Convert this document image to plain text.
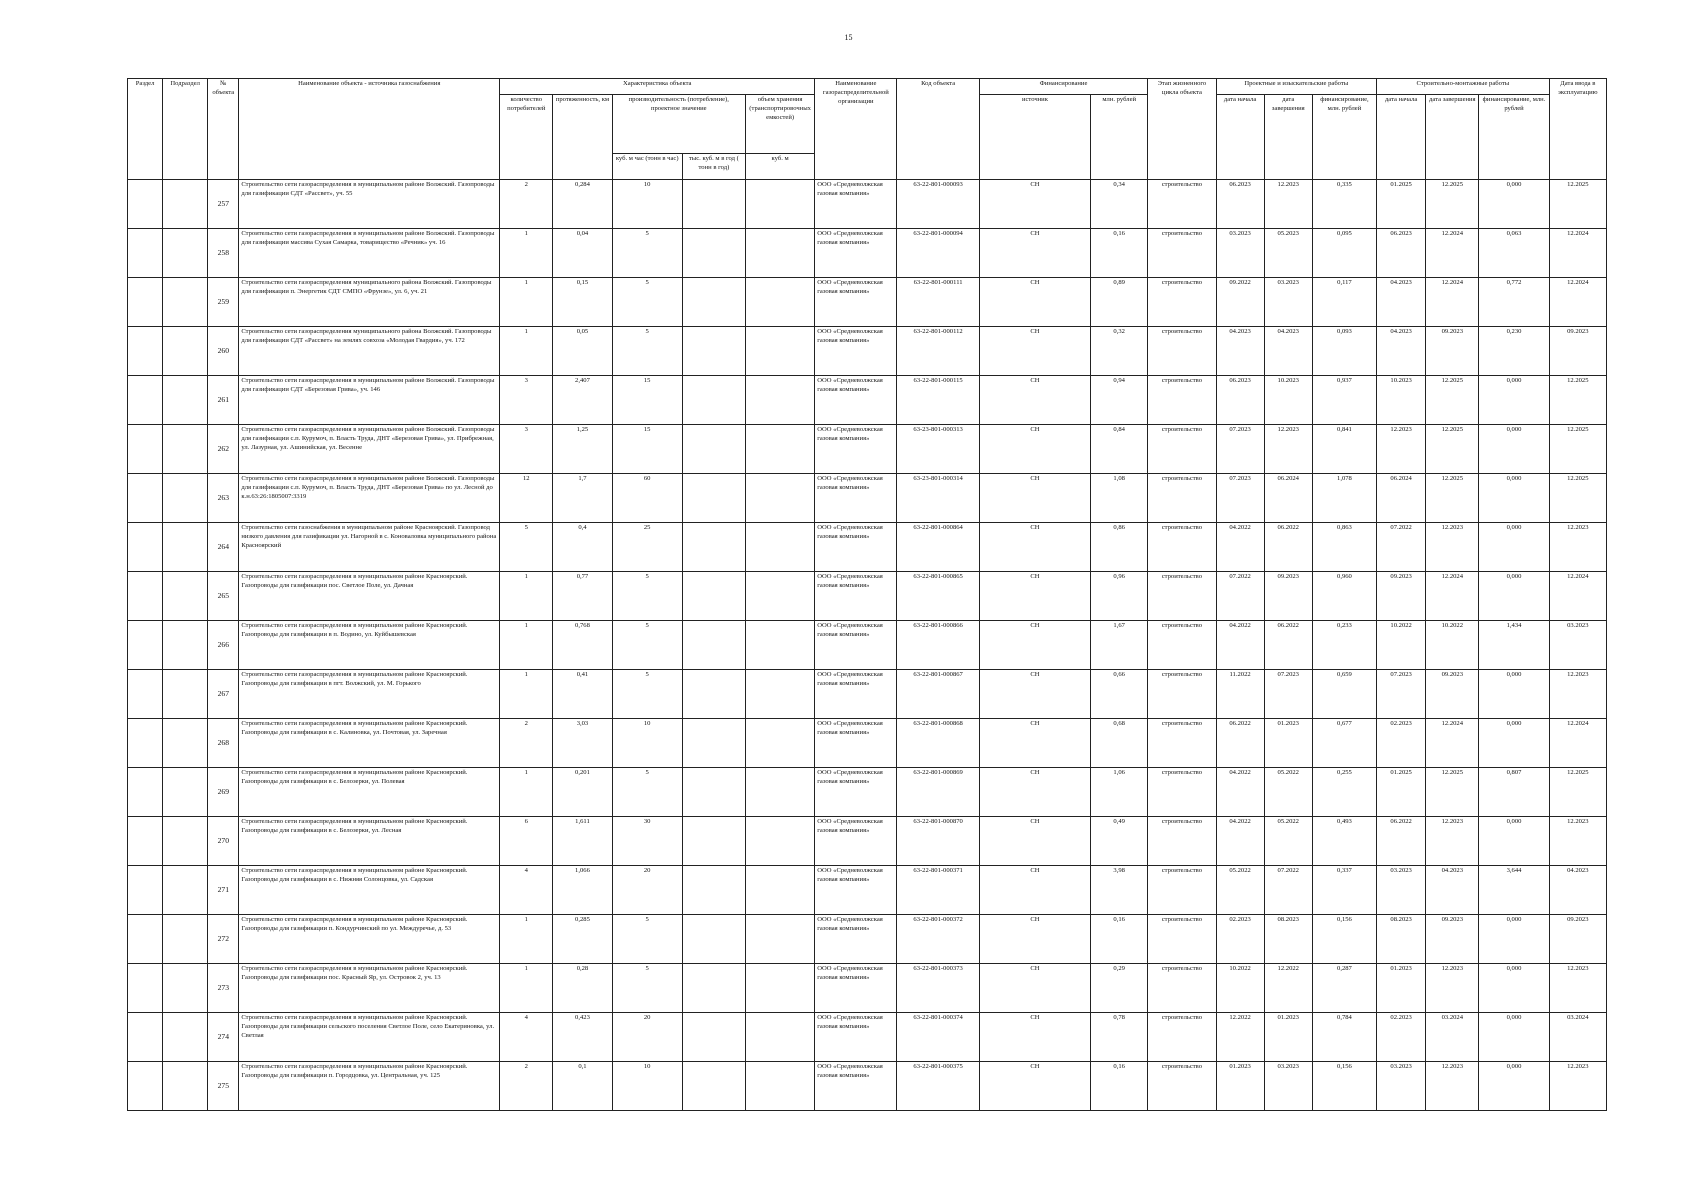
15
Раздел	Подраздел	№ объекта	Наименование объекта - источника газоснабжения	Характеристика объекта					Наименование газораспределительной организации	Код объекта	Финансирование		Этап жизненного цикла объекта	Проектные и изыскательские работы			Строительно-монтажные работы			Дата ввода в эксплуатацию
				количество потребителей	протяженность, км	производительность (потребление), проектное значение		объем хранения (транспортировочных емкостей)			источник	млн. рублей		дата начала	дата завершения	финансирование, млн. рублей	дата начала	дата завершения	финансирование, млн. рублей	
						куб. м час (тонн в час)	тыс. куб. м в год ( тонн в год)	куб. м												
		257	Строительство сети газораспределения в муниципальном районе Волжский. Газопроводы для газификации СДТ «Рассвет», уч. 55	2	0,284	10			ООО «Средневолжская газовая компания»	63-22-801-000093	СН	0,34	строительство	06.2023	12.2023	0,335	01.2025	12.2025	0,000	12.2025
		258	Строительство сети газораспределения в муниципальном районе Волжский. Газопроводы для газификации массива Сухая Самарка, товарищество «Речник» уч. 16	1	0,04	5			ООО «Средневолжская газовая компания»	63-22-801-000094	СН	0,16	строительство	03.2023	05.2023	0,095	06.2023	12.2024	0,063	12.2024
		259	Строительство сети газораспределения муниципального района Волжский. Газопроводы для газификации п. Энергетик СДТ СМПО «Фрунзе», ул. 6, уч. 21	1	0,15	5			ООО «Средневолжская газовая компания»	63-22-801-000111	СН	0,89	строительство	09.2022	03.2023	0,117	04.2023	12.2024	0,772	12.2024
		260	Строительство сети газораспределения муниципального района Волжский. Газопроводы для газификации СДТ «Рассвет» на землях совхоза «Молодая Гвардия», уч. 172	1	0,05	5			ООО «Средневолжская газовая компания»	63-22-801-000112	СН	0,32	строительство	04.2023	04.2023	0,093	04.2023	09.2023	0,230	09.2023
		261	Строительство сети газораспределения в муниципальном районе Волжский. Газопроводы для газификации СДТ «Березовая Грива», уч. 146	3	2,407	15			ООО «Средневолжская газовая компания»	63-22-801-000115	СН	0,94	строительство	06.2023	10.2023	0,937	10.2023	12.2025	0,000	12.2025
		262	Строительство сети газораспределения в муниципальном районе Волжский. Газопроводы для газификации с.п. Курумоч, п. Власть Труда, ДНТ «Березовая Грива», ул. Прибрежная, ул. Лазурная, ул. Ашинийская, ул. Весенне	3	1,25	15			ООО «Средневолжская газовая компания»	63-23-801-000313	СН	0,84	строительство	07.2023	12.2023	0,841	12.2023	12.2025	0,000	12.2025
		263	Строительство сети газораспределения в муниципальном районе Волжский. Газопроводы для газификации с.п. Курумоч, п. Власть Труда, ДНТ «Березовая Грива» по ул. Лесной до к.н.63:26:1805007:3319	12	1,7	60			ООО «Средневолжская газовая компания»	63-23-801-000314	СН	1,08	строительство	07.2023	06.2024	1,078	06.2024	12.2025	0,000	12.2025
		264	Строительство сети газоснабжения в муниципальном районе Красноярский. Газопровод низкого давления для газификации ул. Нагорной в с. Коноваловка муниципального района Красноярский	5	0,4	25			ООО «Средневолжская газовая компания»	63-22-801-000864	СН	0,86	строительство	04.2022	06.2022	0,863	07.2022	12.2023	0,000	12.2023
		265	Строительство сети газораспределения в муниципальном районе Красноярский. Газопроводы для газификации пос. Светлое Поле, ул. Дачная	1	0,77	5			ООО «Средневолжская газовая компания»	63-22-801-000865	СН	0,96	строительство	07.2022	09.2023	0,960	09.2023	12.2024	0,000	12.2024
		266	Строительство сети газораспределения в муниципальном районе Красноярский. Газопроводы для газификации в п. Водино, ул. Куйбышевская	1	0,768	5			ООО «Средневолжская газовая компания»	63-22-801-000866	СН	1,67	строительство	04.2022	06.2022	0,233	10.2022	10.2022	1,434	03.2023
		267	Строительство сети газораспределения в муниципальном районе Красноярский. Газопроводы для газификации в пгт. Волжский, ул. М. Горького	1	0,41	5			ООО «Средневолжская газовая компания»	63-22-801-000867	СН	0,66	строительство	11.2022	07.2023	0,659	07.2023	09.2023	0,000	12.2023
		268	Строительство сети газораспределения в муниципальном районе Красноярский. Газопроводы для газификации в с. Калиновка, ул. Почтовая, ул. Заречная	2	3,03	10			ООО «Средневолжская газовая компания»	63-22-801-000868	СН	0,68	строительство	06.2022	01.2023	0,677	02.2023	12.2024	0,000	12.2024
		269	Строительство сети газораспределения в муниципальном районе Красноярский. Газопроводы для газификации в с. Белозерки, ул. Полевая	1	0,201	5			ООО «Средневолжская газовая компания»	63-22-801-000869	СН	1,06	строительство	04.2022	05.2022	0,255	01.2025	12.2025	0,807	12.2025
		270	Строительство сети газораспределения в муниципальном районе Красноярский. Газопроводы для газификации в с. Белозерки, ул. Лесная	6	1,611	30			ООО «Средневолжская газовая компания»	63-22-801-000870	СН	0,49	строительство	04.2022	05.2022	0,493	06.2022	12.2023	0,000	12.2023
		271	Строительство сети газораспределения в муниципальном районе Красноярский. Газопроводы для газификации в с. Нижняя Солонцовка, ул. Садская	4	1,066	20			ООО «Средневолжская газовая компания»	63-22-801-000371	СН	3,98	строительство	05.2022	07.2022	0,337	03.2023	04.2023	3,644	04.2023
		272	Строительство сети газораспределения в муниципальном районе Красноярский. Газопроводы для газификации п. Кондурчинский по ул. Междуречье, д. 53	1	0,285	5			ООО «Средневолжская газовая компания»	63-22-801-000372	СН	0,16	строительство	02.2023	08.2023	0,156	08.2023	09.2023	0,000	09.2023
		273	Строительство сети газораспределения в муниципальном районе Красноярский. Газопроводы для газификации пос. Красный Яр, ул. Островок 2, уч. 13	1	0,28	5			ООО «Средневолжская газовая компания»	63-22-801-000373	СН	0,29	строительство	10.2022	12.2022	0,287	01.2023	12.2023	0,000	12.2023
		274	Строительство сети газораспределения в муниципальном районе Красноярский. Газопроводы для газификации сельского поселения Светлое Поле, село Екатериновка, ул. Светлая	4	0,423	20			ООО «Средневолжская газовая компания»	63-22-801-000374	СН	0,78	строительство	12.2022	01.2023	0,784	02.2023	03.2024	0,000	03.2024
		275	Строительство сети газораспределения в муниципальном районе Красноярский. Газопроводы для газификации п. Городцовка, ул. Центральная, уч. 125	2	0,1	10			ООО «Средневолжская газовая компания»	63-22-801-000375	СН	0,16	строительство	01.2023	03.2023	0,156	03.2023	12.2023	0,000	12.2023
